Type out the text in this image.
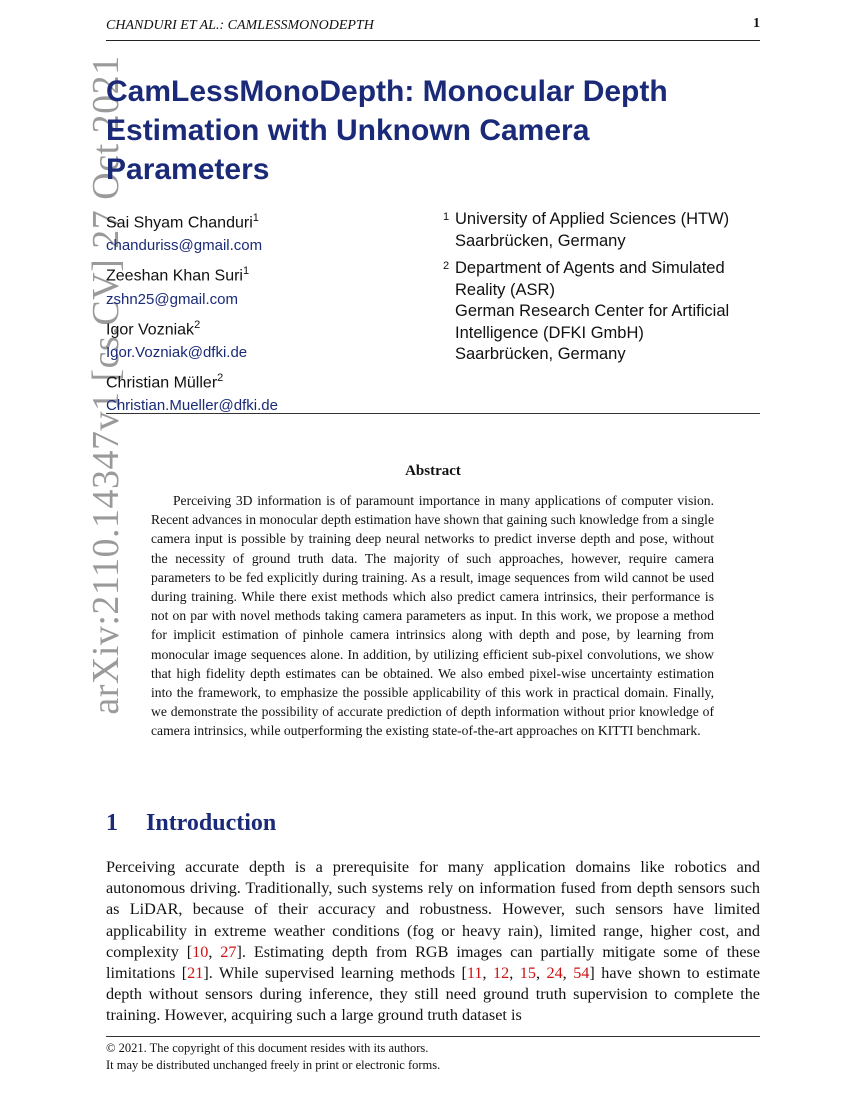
CHANDURI ET AL.: CAMLESSMONODEPTH	1
arXiv:2110.14347v1 [cs.CV] 27 Oct 2021
CamLessMonoDepth: Monocular Depth Estimation with Unknown Camera Parameters
Sai Shyam Chanduri$^1$
chanduriss@gmail.com
Zeeshan Khan Suri$^1$
zshn25@gmail.com
Igor Vozniak$^2$
Igor.Vozniak@dfki.de
Christian Müller$^2$
Christian.Mueller@dfki.de
1 University of Applied Sciences (HTW)
Saarbrücken, Germany
2 Department of Agents and Simulated
Reality (ASR)
German Research Center for Artificial
Intelligence (DFKI GmbH)
Saarbrücken, Germany
Abstract

Perceiving 3D information is of paramount importance in many applications of computer vision. Recent advances in monocular depth estimation have shown that gaining such knowledge from a single camera input is possible by training deep neural networks to predict inverse depth and pose, without the necessity of ground truth data. The majority of such approaches, however, require camera parameters to be fed explicitly during training. As a result, image sequences from wild cannot be used during training. While there exist methods which also predict camera intrinsics, their performance is not on par with novel methods taking camera parameters as input. In this work, we propose a method for implicit estimation of pinhole camera intrinsics along with depth and pose, by learning from monocular image sequences alone. In addition, by utilizing efficient sub-pixel convolutions, we show that high fidelity depth estimates can be obtained. We also embed pixel-wise uncertainty estimation into the framework, to emphasize the possible applicability of this work in practical domain. Finally, we demonstrate the possibility of accurate prediction of depth information without prior knowledge of camera intrinsics, while outperforming the existing state-of-the-art approaches on KITTI benchmark.

1 Introduction

Perceiving accurate depth is a prerequisite for many application domains like robotics and autonomous driving. Traditionally, such systems rely on information fused from depth sensors such as LiDAR, because of their accuracy and robustness. However, such sensors have limited applicability in extreme weather conditions (fog or heavy rain), limited range, higher cost, and complexity [10, 27]. Estimating depth from RGB images can partially mitigate some of these limitations [21]. While supervised learning methods [11, 12, 15, 24, 54] have shown to estimate depth without sensors during inference, they still need ground truth supervision to complete the training. However, acquiring such a large ground truth dataset is

© 2021. The copyright of this document resides with its authors.
It may be distributed unchanged freely in print or electronic forms.
